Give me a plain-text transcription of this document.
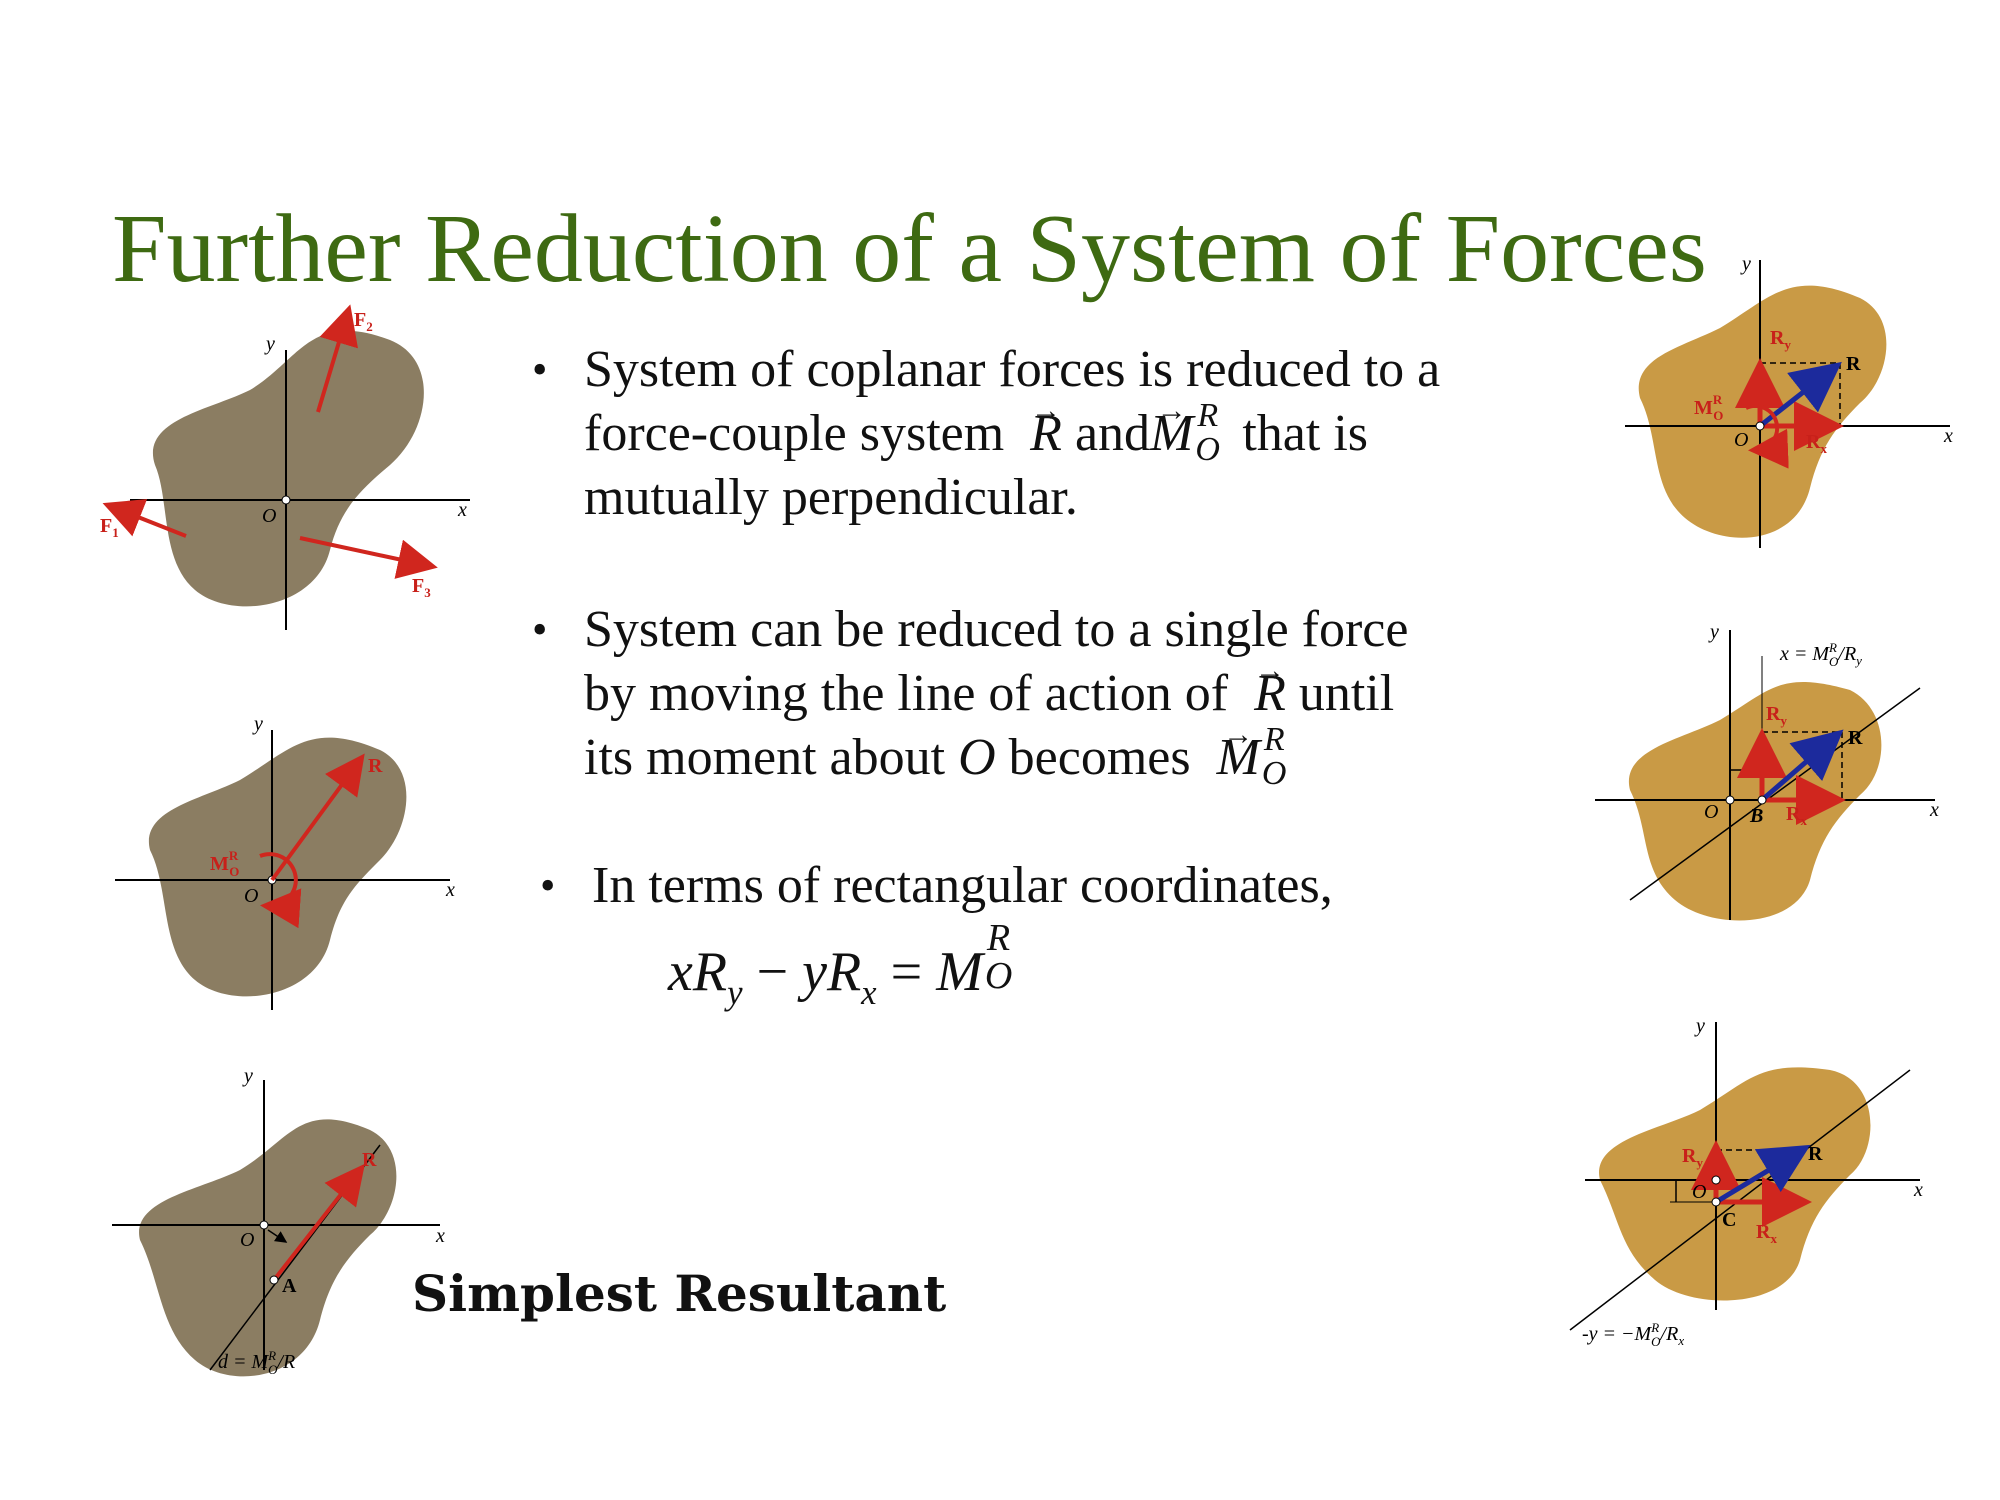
Further Reduction of a System of Forces
• System of coplanar forces is reduced to a
force-couple system → R and→ M R
O that is
mutually perpendicular.
• System can be reduced to a single force
by moving the line of action of → R until
its moment about O becomes → M R
O
• In terms of rectangular coordinates,
$xR_y - yR_x = M$
R
O
Simplest Resultant
y
x
O
$F_2$
$F_1$
$F_3$
y
x
O
R
$M^R$ O
y
x
O
R
A
$d = M^R$ O/R
y
x
O
$R_y$
$R_x$
R
$M^R$ O
y
x
O B
$R_y$
$R_x$
R
$x = M^R$ $O/R_y$
y
x
O
C
$R_y$
$R_x$
R
$-y = -M^R$ $O/R_x$
